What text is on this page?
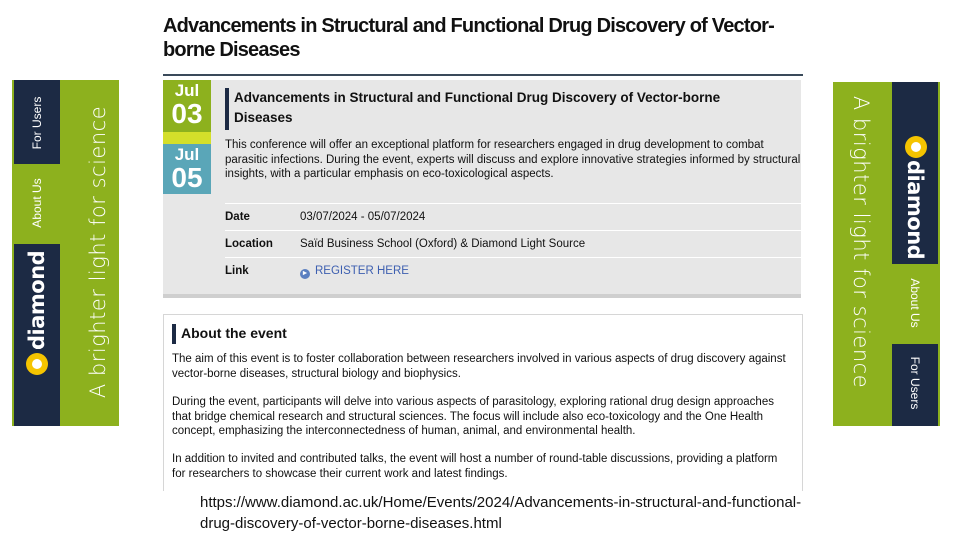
Advancements in Structural and Functional Drug Discovery of Vector-borne Diseases
For Users
About Us
diamond A brighter light for science	A brighter light for science diamond
About Us
For Users
Jul
03
Jul
05
Advancements in Structural and Functional Drug Discovery of Vector-borne Diseases
This conference will offer an exceptional platform for researchers engaged in drug development to combat parasitic infections. During the event, experts will discuss and explore innovative strategies informed by structural insights, with a particular emphasis on eco-toxicological aspects.
Date	03/07/2024 - 05/07/2024
Location Saïd Business School (Oxford) & Diamond Light Source
Link	► REGISTER HERE
About the event

The aim of this event is to foster collaboration between researchers involved in various aspects of drug discovery against vector-borne diseases, structural biology and biophysics.

During the event, participants will delve into various aspects of parasitology, exploring rational drug design approaches that bridge chemical research and structural sciences. The focus will include also eco-toxicology and the One Health concept, emphasizing the interconnectedness of human, animal, and environmental health.

In addition to invited and contributed talks, the event will host a number of round-table discussions, providing a platform for researchers to showcase their current work and latest findings.

https://www.diamond.ac.uk/Home/Events/2024/Advancements-in-structural-and-functional-drug-discovery-of-vector-borne-diseases.html
